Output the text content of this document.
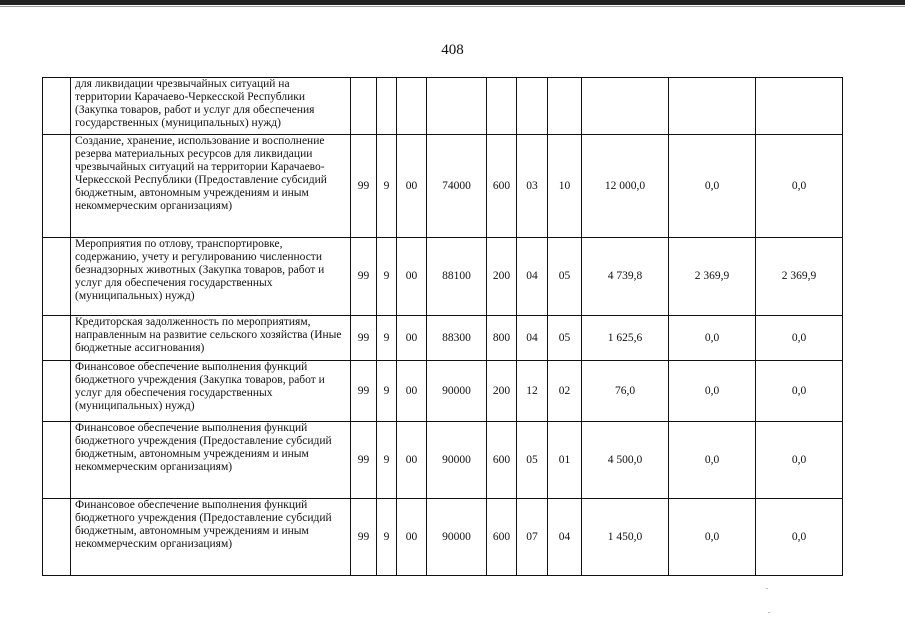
408
	для ликвидации чрезвычайных ситуаций на территории Карачаево-Черкесской Республики (Закупка товаров, работ и услуг для обеспечения государственных (муниципальных) нужд)										
	Создание, хранение, использование и восполнение резерва материальных ресурсов для ликвидации чрезвычайных ситуаций на территории Карачаево-Черкесской Республики (Предоставление субсидий бюджетным, автономным учреждениям и иным некоммерческим организациям)	99	9	00	74000	600	03	10	12 000,0	0,0	0,0
	Мероприятия по отлову, транспортировке, содержанию, учету и регулированию численности безнадзорных животных (Закупка товаров, работ и услуг для обеспечения государственных (муниципальных) нужд)	99	9	00	88100	200	04	05	4 739,8	2 369,9	2 369,9
	Кредиторская задолженность по мероприятиям, направленным на развитие сельского хозяйства (Иные бюджетные ассигнования)	99	9	00	88300	800	04	05	1 625,6	0,0	0,0
	Финансовое обеспечение выполнения функций бюджетного учреждения (Закупка товаров, работ и услуг для обеспечения государственных (муниципальных) нужд)	99	9	00	90000	200	12	02	76,0	0,0	0,0
	Финансовое обеспечение выполнения функций бюджетного учреждения (Предоставление субсидий бюджетным, автономным учреждениям и иным некоммерческим организациям)	99	9	00	90000	600	05	01	4 500,0	0,0	0,0
	Финансовое обеспечение выполнения функций бюджетного учреждения (Предоставление субсидий бюджетным, автономным учреждениям и иным некоммерческим организациям)	99	9	00	90000	600	07	04	1 450,0	0,0	0,0
